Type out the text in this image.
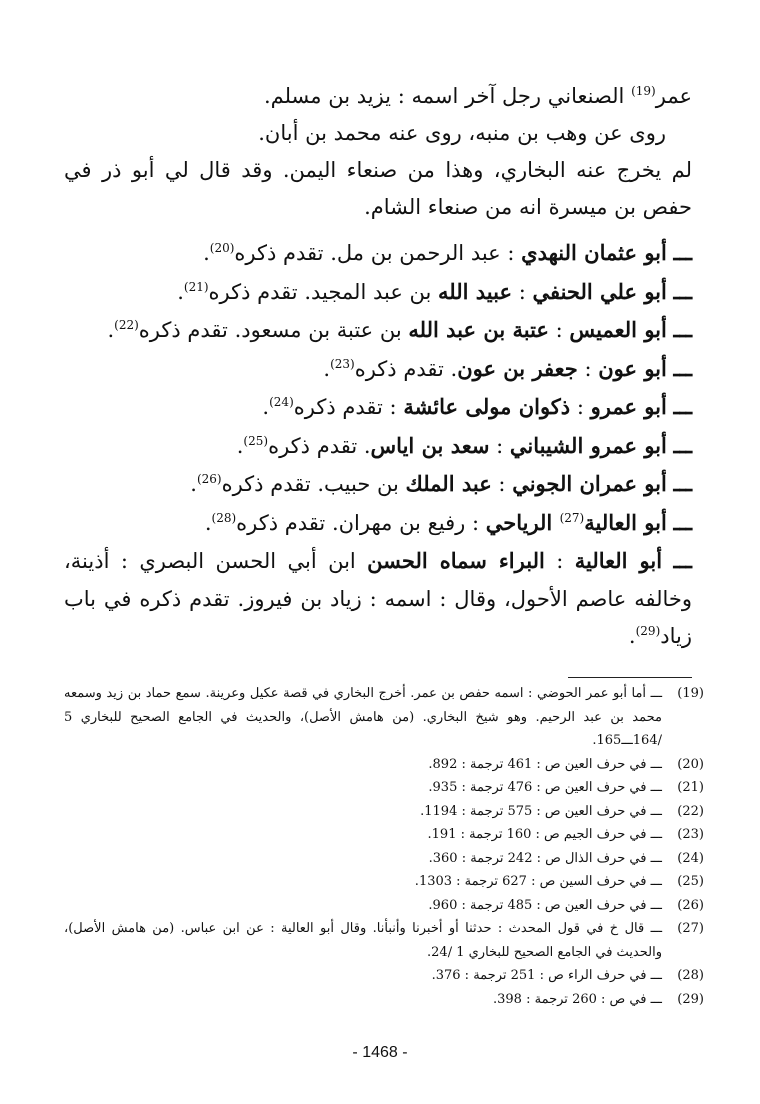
عمر$^{(19)}$ الصنعاني رجل آخر اسمه : يزيد بن مسلم.
روى عن وهب بن منبه، روى عنه محمد بن أبان.
لم يخرج عنه البخاري، وهذا من صنعاء اليمن. وقد قال لي أبو ذر في حفص بن ميسرة انه من صنعاء الشام.
ـــ أبو عثمان النهدي : عبد الرحمن بن مل. تقدم ذكره$^{(20)}$.
ـــ أبو علي الحنفي : عبيد الله بن عبد المجيد. تقدم ذكره$^{(21)}$.
ـــ أبو العميس : عتبة بن عبد الله بن عتبة بن مسعود. تقدم ذكره$^{(22)}$.
ـــ أبو عون : جعفر بن عون. تقدم ذكره$^{(23)}$.
ـــ أبو عمرو : ذكوان مولى عائشة : تقدم ذكره$^{(24)}$.
ـــ أبو عمرو الشيباني : سعد بن اياس. تقدم ذكره$^{(25)}$.
ـــ أبو عمران الجوني : عبد الملك بن حبيب. تقدم ذكره$^{(26)}$.
ـــ أبو العالية$^{(27)}$ الرياحي : رفيع بن مهران. تقدم ذكره$^{(28)}$.
ـــ أبو العالية : البراء سماه الحسن ابن أبي الحسن البصري : أذينة، وخالفه عاصم الأحول، وقال : اسمه : زياد بن فيروز. تقدم ذكره في باب زياد$^{(29)}$.
(19)
ـــ أما أبو عمر الحوضي : اسمه حفص بن عمر. أخرج البخاري في قصة عكيل وعرينة. سمع حماد بن زيد وسمعه محمد بن عبد الرحيم. وهو شيخ البخاري. (من هامش الأصل)، والحديث في الجامع الصحيح للبخاري 5 /164ـــ165.
(20)
ـــ في حرف العين ص : 461 ترجمة : 892.
(21)
ـــ في حرف العين ص : 476 ترجمة : 935.
(22)
ـــ في حرف العين ص : 575 ترجمة : 1194.
(23)
ـــ في حرف الجيم ص : 160 ترجمة : 191.
(24)
ـــ في حرف الذال ص : 242 ترجمة : 360.
(25)
ـــ في حرف السين ص : 627 ترجمة : 1303.
(26)
ـــ في حرف العين ص : 485 ترجمة : 960.
(27)
ـــ قال خ في قول المحدث : حدثنا أو أخبرنا وأنبأنا. وقال أبو العالية : عن ابن عباس. (من هامش الأصل)، والحديث في الجامع الصحيح للبخاري 1 /24.
(28)
ـــ في حرف الراء ص : 251 ترجمة : 376.
(29)
ـــ في ص : 260 ترجمة : 398.
- 1468 -
